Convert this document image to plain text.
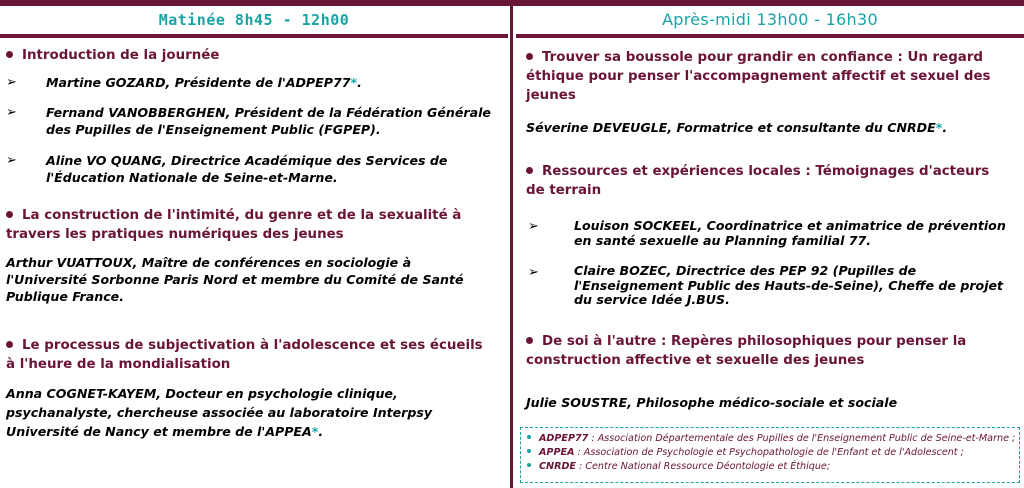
Matinée 8h45 - 12h00

Introduction de la journée

➢	Martine GOZARD, Présidente de l'ADPEP77*.

➢	Fernand VANOBBERGHEN, Président de la Fédération Générale des Pupilles de l'Enseignement Public (FGPEP).

➢	Aline VO QUANG, Directrice Académique des Services de l'Éducation Nationale de Seine-et-Marne.

La construction de l'intimité, du genre et de la sexualité à travers les pratiques numériques des jeunes

Arthur VUATTOUX, Maître de conférences en sociologie à l'Université Sorbonne Paris Nord et membre du Comité de Santé Publique France.

Le processus de subjectivation à l'adolescence et ses écueils à l'heure de la mondialisation

Anna COGNET-KAYEM, Docteur en psychologie clinique, psychanalyste, chercheuse associée au laboratoire Interpsy Université de Nancy et membre de l'APPEA*.

Après-midi 13h00 - 16h30

Trouver sa boussole pour grandir en confiance : Un regard éthique pour penser l'accompagnement affectif et sexuel des jeunes

Séverine DEVEUGLE, Formatrice et consultante du CNRDE*.

Ressources et expériences locales : Témoignages d'acteurs de terrain

➢	Louison SOCKEEL, Coordinatrice et animatrice de prévention en santé sexuelle au Planning familial 77.

➢	Claire BOZEC, Directrice des PEP 92 (Pupilles de l'Enseignement Public des Hauts-de-Seine), Cheffe de projet du service Idée J.BUS.

De soi à l'autre : Repères philosophiques pour penser la construction affective et sexuelle des jeunes

Julie SOUSTRE, Philosophe médico-sociale et sociale

ADPEP77 : Association Départementale des Pupilles de l'Enseignement Public de Seine-et-Marne ;
APPEA : Association de Psychologie et Psychopathologie de l'Enfant et de l'Adolescent ;
CNRDE : Centre National Ressource Déontologie et Éthique;
